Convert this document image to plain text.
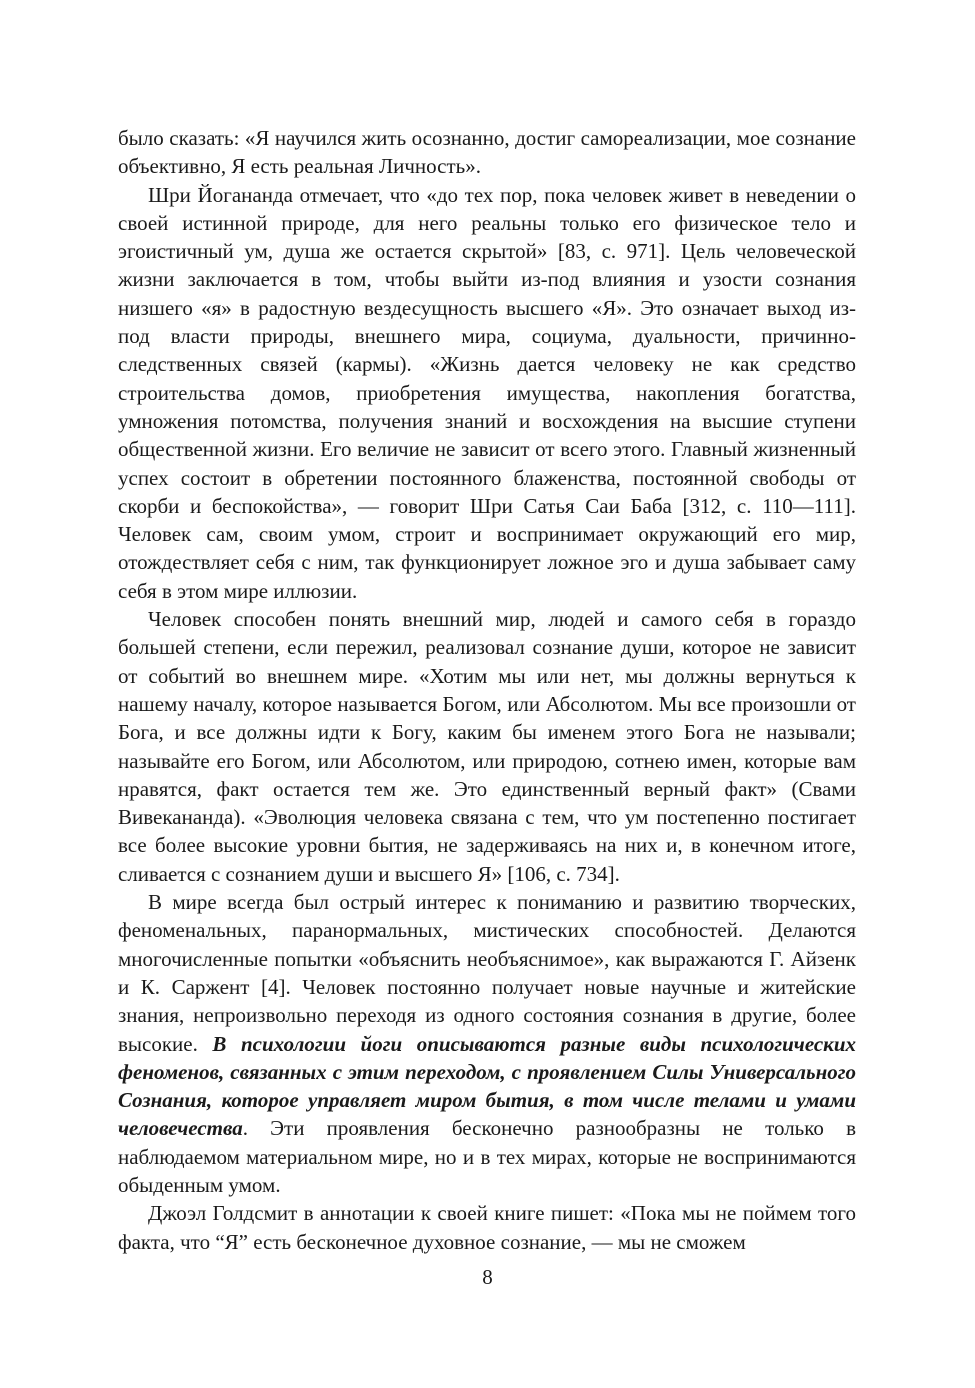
было сказать: «Я научился жить осознанно, достиг самореализации, мое сознание объективно, Я есть реальная Личность».

Шри Йогананда отмечает, что «до тех пор, пока человек живет в неведении о своей истинной природе, для него реальны только его физическое тело и эгоистичный ум, душа же остается скрытой» [83, с. 971]. Цель человеческой жизни заключается в том, чтобы выйти из-под влияния и узости сознания низшего «я» в радостную вездесущность высшего «Я». Это означает выход из-под власти природы, внешнего мира, социума, дуальности, причинно-следственных связей (кармы). «Жизнь дается человеку не как средство строительства домов, приобретения имущества, накопления богатства, умножения потомства, получения знаний и восхождения на высшие ступени общественной жизни. Его величие не зависит от всего этого. Главный жизненный успех состоит в обретении постоянного блаженства, постоянной свободы от скорби и беспокойства», — говорит Шри Сатья Саи Баба [312, с. 110—111]. Человек сам, своим умом, строит и воспринимает окружающий его мир, отождествляет себя с ним, так функционирует ложное эго и душа забывает саму себя в этом мире иллюзии.

Человек способен понять внешний мир, людей и самого себя в гораздо большей степени, если пережил, реализовал сознание души, которое не зависит от событий во внешнем мире. «Хотим мы или нет, мы должны вернуться к нашему началу, которое называется Богом, или Абсолютом. Мы все произошли от Бога, и все должны идти к Богу, каким бы именем этого Бога не называли; называйте его Богом, или Абсолютом, или природою, сотнею имен, которые вам нравятся, факт остается тем же. Это единственный верный факт» (Свами Вивекананда). «Эволюция человека связана с тем, что ум постепенно постигает все более высокие уровни бытия, не задерживаясь на них и, в конечном итоге, сливается с сознанием души и высшего Я» [106, с. 734].

В мире всегда был острый интерес к пониманию и развитию творческих, феноменальных, паранормальных, мистических способностей. Делаются многочисленные попытки «объяснить необъяснимое», как выражаются Г. Айзенк и К. Саржент [4]. Человек постоянно получает новые научные и житейские знания, непроизвольно переходя из одного состояния сознания в другие, более высокие. В психологии йоги описываются разные виды психологических феноменов, связанных с этим переходом, с проявлением Силы Универсального Сознания, которое управляет миром бытия, в том числе телами и умами человечества. Эти проявления бесконечно разнообразны не только в наблюдаемом материальном мире, но и в тех мирах, которые не воспринимаются обыденным умом.

Джоэл Голдсмит в аннотации к своей книге пишет: «Пока мы не поймем того факта, что “Я” есть бесконечное духовное сознание, — мы не сможем

8
